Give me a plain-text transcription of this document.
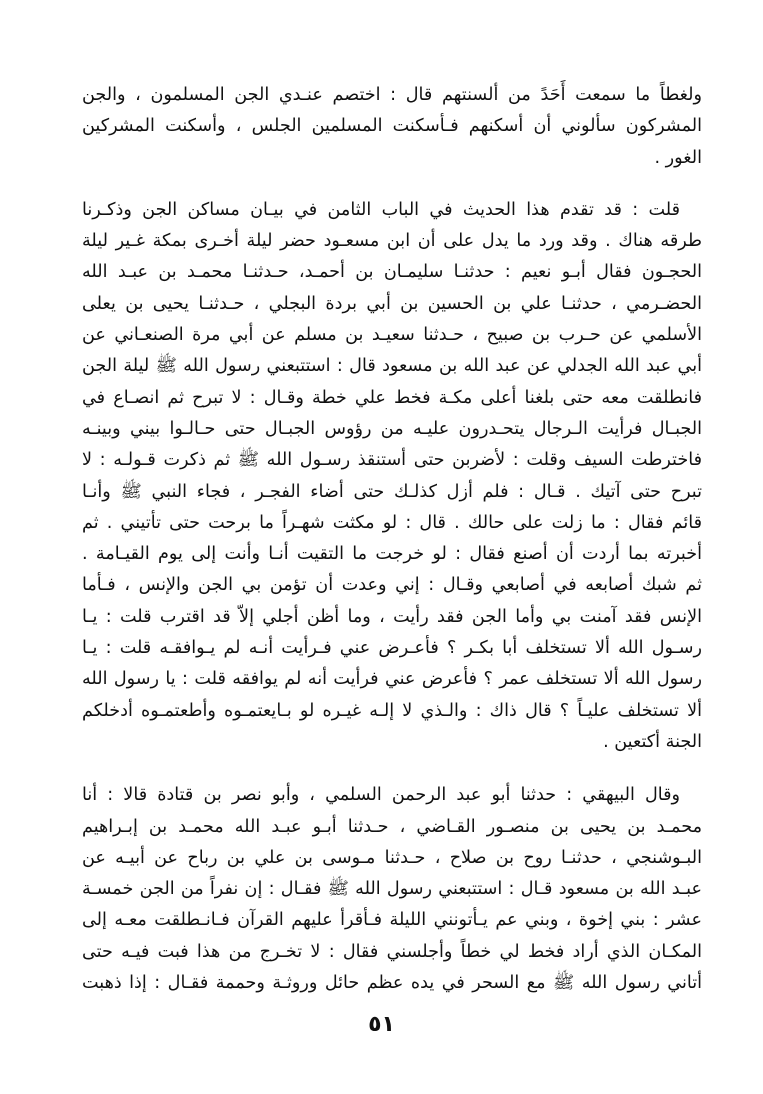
ولغطاً ما سمعت أَحَدً من ألسنتهم قال : اختصم عنـدي الجن المسلمون ، والجن
المشركون سألوني أن أسكنهم فـأسكنت المسلمين الجلس ، وأسكنت المشركين
الغور .
قلت : قد تقدم هذا الحديث في الباب الثامن في بيـان مساكن الجن وذكـرنا
طرقه هناك . وقد ورد ما يدل على أن ابن مسعـود حضر ليلة أخـرى بمكة غـير ليلة
الحجـون فقال أبـو نعيم : حدثنـا سليمـان بن أحمـد، حـدثنـا محمـد بن عبـد الله
الحضـرمي ، حدثنـا علي بن الحسين بن أبي بردة البجلي ، حـدثنـا يحيى بن يعلى
الأسلمي عن حـرب بن صبيح ، حـدثنا سعيـد بن مسلم عن أبي مرة الصنعـاني عن
أبي عبد الله الجدلي عن عبد الله بن مسعود قال : استتبعني رسول الله ﷺ ليلة الجن
فانطلقت معه حتى بلغنا أعلى مكـة فخط علي خطة وقـال : لا تبرح ثم انصـاع في
الجبـال فرأيت الـرجال يتحـدرون عليـه من رؤوس الجبـال حتى حـالـوا بيني وبينـه
فاخترطت السيف وقلت : لأضربن حتى أستنقذ رسـول الله ﷺ ثم ذكرت قـولـه : لا
تبرح حتى آتيك . قـال : فلم أزل كذلـك حتى أضاء الفجـر ، فجاء النبي ﷺ وأنـا
قائم فقال : ما زلت على حالك . قال : لو مكثت شهـراً ما برحت حتى تأتيني . ثم
أخبرته بما أردت أن أصنع فقال : لو خرجت ما التقيت أنـا وأنت إلى يوم القيـامة .
ثم شبك أصابعه في أصابعي وقـال : إني وعدت أن تؤمن بي الجن والإنس ، فـأما
الإنس فقد آمنت بي وأما الجن فقد رأيت ، وما أظن أجلي إلاّ قد اقترب قلت : يـا
رسـول الله ألا تستخلف أبا بكـر ؟ فأعـرض عني فـرأيت أنـه لم يـوافقـه قلت : يـا
رسول الله ألا تستخلف عمر ؟ فأعرض عني فرأيت أنه لم يوافقه قلت : يا رسول الله
ألا تستخلف عليـاً ؟ قال ذاك : والـذي لا إلـه غيـره لو بـايعتمـوه وأطعتمـوه أدخلكم
الجنة أكتعين .
وقال البيهقي : حدثنا أبو عبد الرحمن السلمي ، وأبو نصر بن قتادة قالا : أنا
محمـد بن يحيى بن منصـور القـاضي ، حـدثنا أبـو عبـد الله محمـد بن إبـراهيم
البـوشنجي ، حدثنـا روح بن صلاح ، حـدثنا مـوسى بن علي بن رباح عن أبيـه عن
عبـد الله بن مسعود قـال : استتبعني رسول الله ﷺ فقـال : إن نفراً من الجن خمسـة
عشر : بني إخوة ، وبني عم يـأتونني الليلة فـأقرأ عليهم القرآن فـانـطلقت معـه إلى
المكـان الذي أراد فخط لي خطاً وأجلسني فقال : لا تخـرج من هذا فبت فيـه حتى
أتاني رسول الله ﷺ مع السحر في يده عظم حائل وروثـة وحممة فقـال : إذا ذهبت
٥١
